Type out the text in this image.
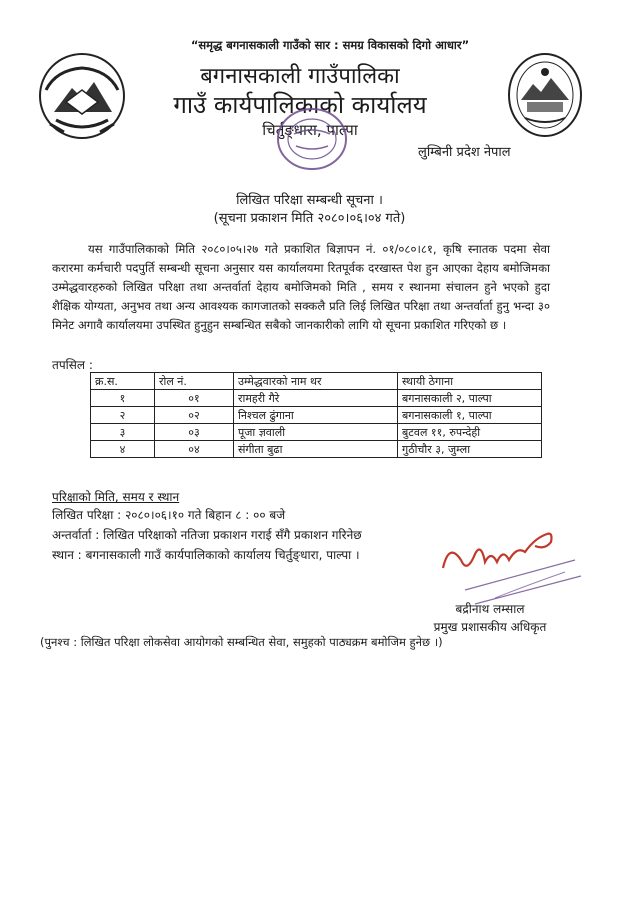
“समृद्ध बगनासकाली गाउँको सार : समग्र विकासको दिगो आधार”
बगनासकाली गाउँपालिका
गाउँ कार्यपालिकाको कार्यालय
चिर्तुङ्धारा, पाल्पा
लुम्बिनी प्रदेश नेपाल
लिखित परिक्षा सम्बन्धी सूचना ।
(सूचना प्रकाशन मिति २०८०।०६।०४ गते)

यस गाउँपालिकाको मिति २०८०।०५।२७ गते प्रकाशित बिज्ञापन नं. ०१/०८०।८१, कृषि स्नातक पदमा सेवा करारमा कर्मचारी पदपुर्ति सम्बन्धी सूचना अनुसार यस कार्यालयमा रितपूर्वक दरखास्त पेश हुन आएका देहाय बमोजिमका उम्मेद्धवारहरुको लिखित परिक्षा तथा अन्तर्वार्ता देहाय बमोजिमको मिति , समय र स्थानमा संचालन हुने भएको हुदा शैक्षिक योग्यता, अनुभव तथा अन्य आवश्यक कागजातको सक्कलै प्रति लिई लिखित परिक्षा तथा अन्तर्वार्ता हुनु भन्दा ३० मिनेट अगावै कार्यालयमा उपस्थित हुनुहुन सम्बन्धित सबैको जानकारीको लागि यो सूचना प्रकाशित गरिएको छ ।

तपसिल :
क्र.स.	रोल नं.	उम्मेद्धवारको नाम थर	स्थायी ठेगाना
१	०१	रामहरी गैरे	बगनासकाली २, पाल्पा
२	०२	निश्चल ढुंगाना	बगनासकाली १, पाल्पा
३	०३	पूजा ज्ञवाली	बुटवल ११, रुपन्देही
४	०४	संगीता बुढा	गुठीचौर ३, जुम्ला
परिक्षाको मिति, समय र स्थान
लिखित परिक्षा : २०८०।०६।१० गते बिहान ८ : ०० बजे
अन्तर्वार्ता : लिखित परिक्षाको नतिजा प्रकाशन गराई सँगै प्रकाशन गरिनेछ
स्थान : बगनासकाली गाउँ कार्यपालिकाको कार्यालय चिर्तुङ्धारा, पाल्पा ।
बद्रीनाथ लम्साल
प्रमुख प्रशासकीय अधिकृत
(पुनश्च : लिखित परिक्षा लोकसेवा आयोगको सम्बन्धित सेवा, समुहको पाठ्यक्रम बमोजिम हुनेछ ।)
